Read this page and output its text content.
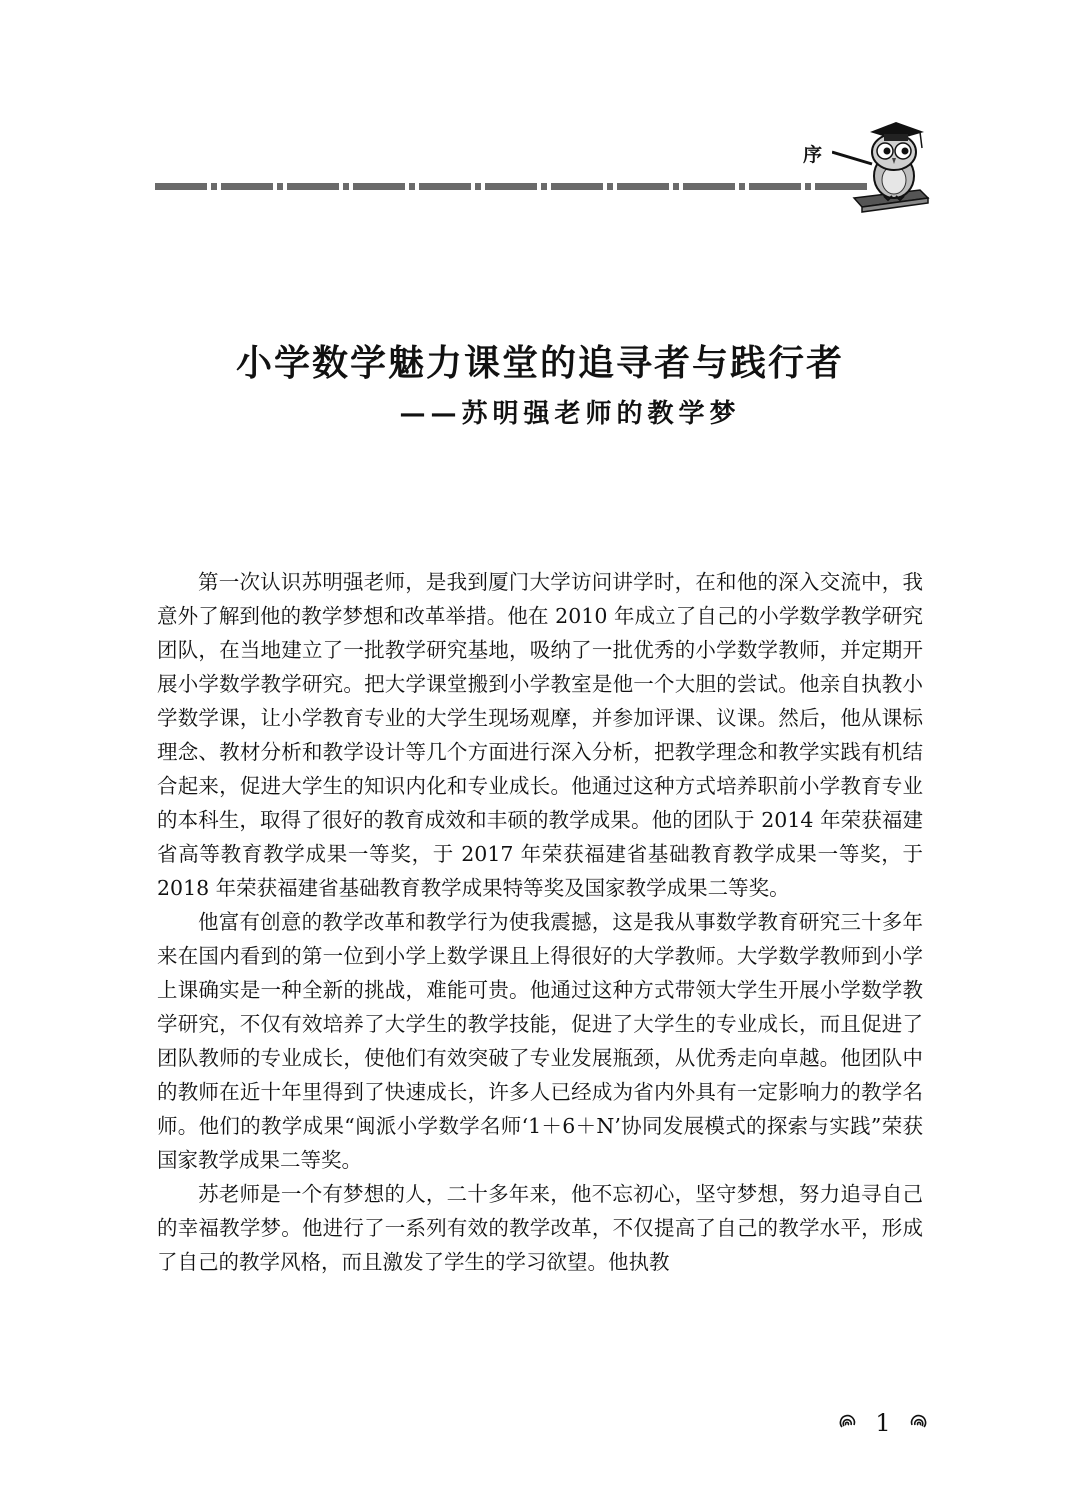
序
小学数学魅力课堂的追寻者与践行者
——苏明强老师的教学梦

第一次认识苏明强老师，是我到厦门大学访问讲学时，在和他的深入交流中，我意外了解到他的教学梦想和改革举措。他在 2010 年成立了自己的小学数学教学研究团队，在当地建立了一批教学研究基地，吸纳了一批优秀的小学数学教师，并定期开展小学数学教学研究。把大学课堂搬到小学教室是他一个大胆的尝试。他亲自执教小学数学课，让小学教育专业的大学生现场观摩，并参加评课、议课。然后，他从课标理念、教材分析和教学设计等几个方面进行深入分析，把教学理念和教学实践有机结合起来，促进大学生的知识内化和专业成长。他通过这种方式培养职前小学教育专业的本科生，取得了很好的教育成效和丰硕的教学成果。他的团队于 2014 年荣获福建省高等教育教学成果一等奖，于 2017 年荣获福建省基础教育教学成果一等奖，于 2018 年荣获福建省基础教育教学成果特等奖及国家教学成果二等奖。

他富有创意的教学改革和教学行为使我震撼，这是我从事数学教育研究三十多年来在国内看到的第一位到小学上数学课且上得很好的大学教师。大学数学教师到小学上课确实是一种全新的挑战，难能可贵。他通过这种方式带领大学生开展小学数学教学研究，不仅有效培养了大学生的教学技能，促进了大学生的专业成长，而且促进了团队教师的专业成长，使他们有效突破了专业发展瓶颈，从优秀走向卓越。他团队中的教师在近十年里得到了快速成长，许多人已经成为省内外具有一定影响力的教学名师。他们的教学成果“闽派小学数学名师‘1＋6＋N’协同发展模式的探索与实践”荣获国家教学成果二等奖。

苏老师是一个有梦想的人，二十多年来，他不忘初心，坚守梦想，努力追寻自己的幸福教学梦。他进行了一系列有效的教学改革，不仅提高了自己的教学水平，形成了自己的教学风格，而且激发了学生的学习欲望。他执教

1
